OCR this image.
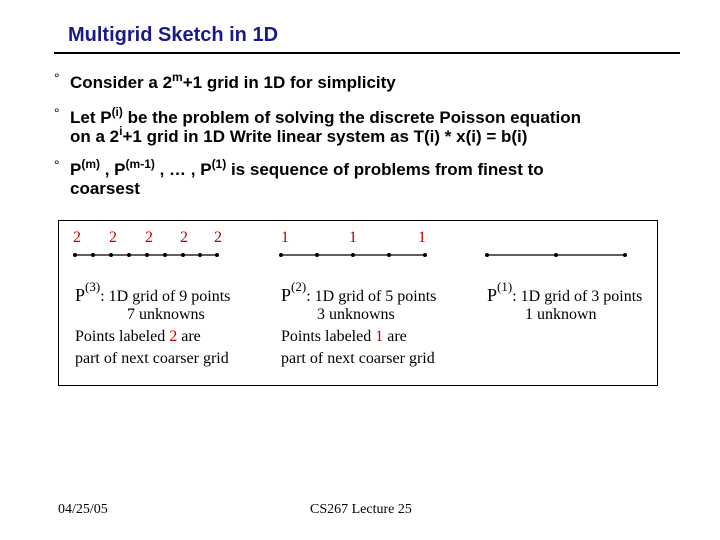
Multigrid Sketch in 1D
° Consider a $2^m+1$ grid in 1D for simplicity
° Let $P^{(i)}$ be the problem of solving the discrete Poisson equation
on a $2^i+1$ grid in 1D Write linear system as T(i) * x(i) = b(i)
° $P^{(m)}$ , $P^{(m-1)}$ , … , $P^{(1)}$ is sequence of problems from finest to
coarsest
2 2 2 2 2	1	1	1
$P^{(3)}$: 1D grid of 9 points
7 unknowns
Points labeled 2 are
part of next coarser grid
$P^{(2)}$: 1D grid of 5 points
3 unknowns
Points labeled 1 are
part of next coarser grid
$P^{(1)}$: 1D grid of 3 points
1 unknown
04/25/05	CS267 Lecture 25
